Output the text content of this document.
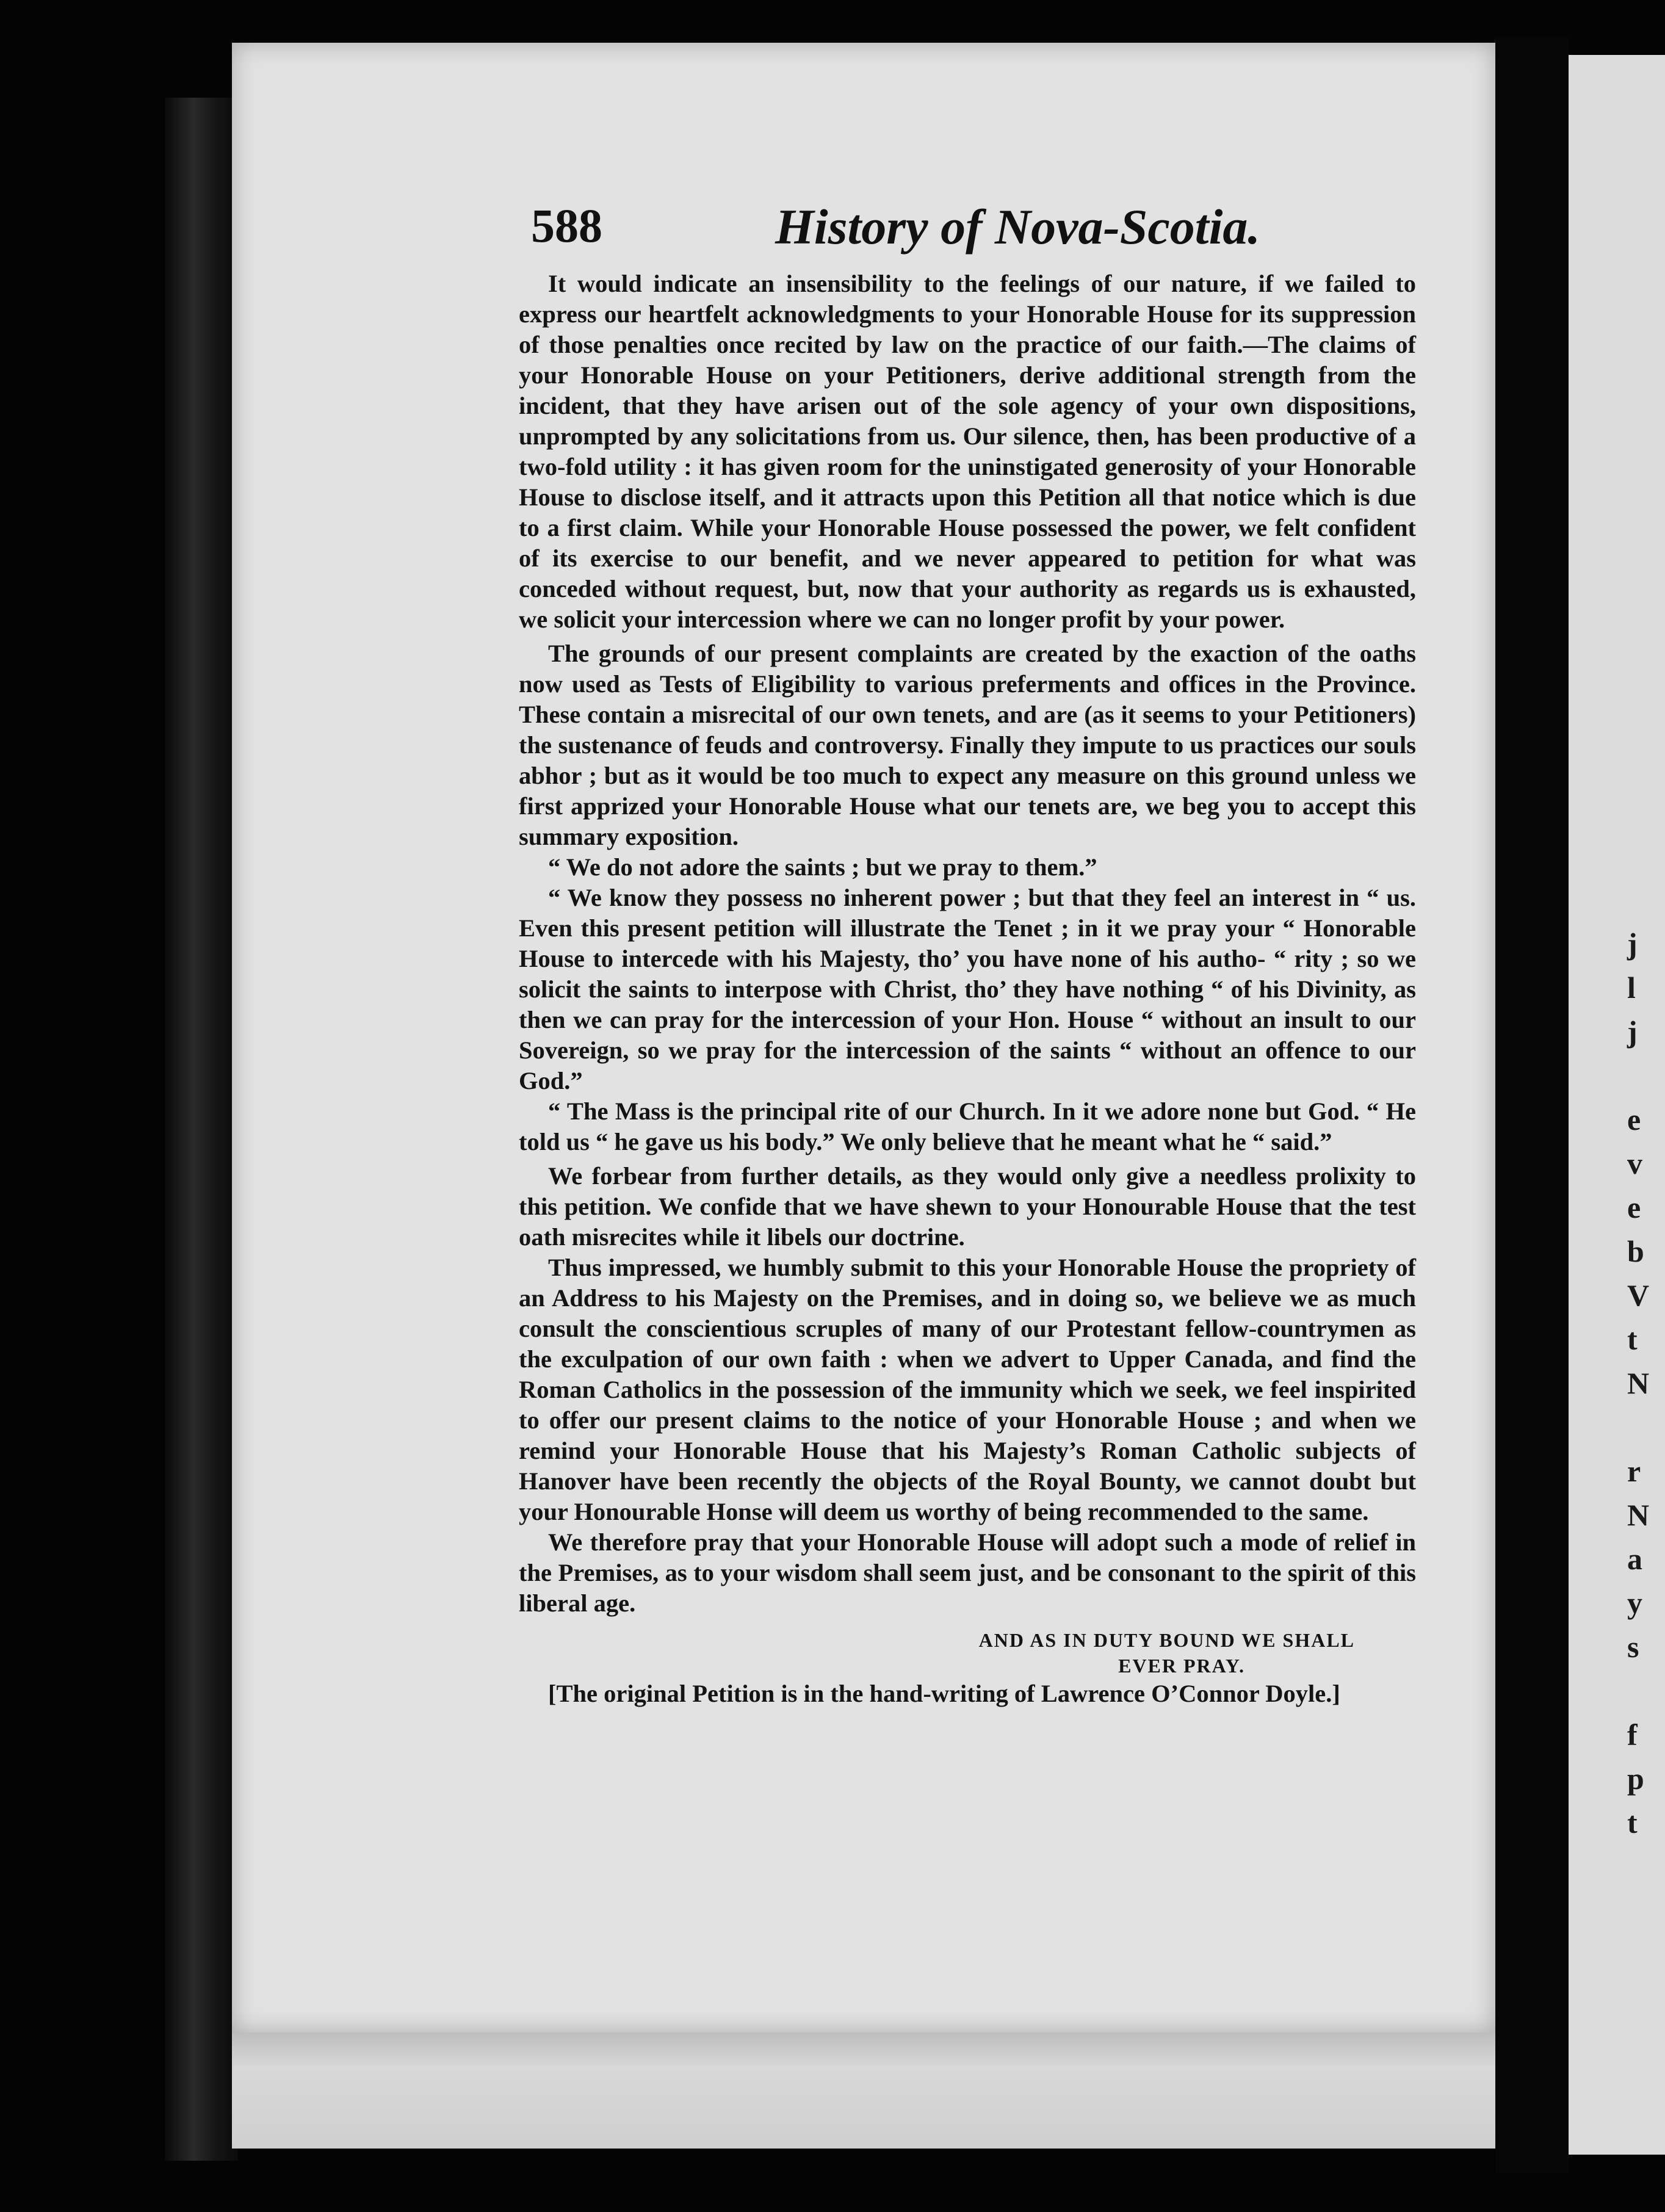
j
l
j

e
v
e
b
V
t
N

r
N
a
y
s

f
p
t
588	History of Nova-Scotia.

It would indicate an insensibility to the feelings of our nature, if we failed to express our heartfelt acknowledgments to your Honorable House for its suppression of those penalties once recited by law on the practice of our faith.—The claims of your Honorable House on your Petitioners, derive additional strength from the incident, that they have arisen out of the sole agency of your own dispositions, unprompted by any solicitations from us. Our silence, then, has been productive of a two-fold utility : it has given room for the uninstigated generosity of your Honorable House to disclose itself, and it attracts upon this Petition all that notice which is due to a first claim. While your Honorable House possessed the power, we felt confident of its exercise to our benefit, and we never appeared to petition for what was conceded without request, but, now that your authority as regards us is exhausted, we solicit your intercession where we can no longer profit by your power.

The grounds of our present complaints are created by the exaction of the oaths now used as Tests of Eligibility to various preferments and offices in the Province. These contain a misrecital of our own tenets, and are (as it seems to your Petitioners) the sustenance of feuds and controversy. Finally they impute to us practices our souls abhor ; but as it would be too much to expect any measure on this ground unless we first apprized your Honorable House what our tenets are, we beg you to accept this summary exposition.

“ We do not adore the saints ; but we pray to them.”

“ We know they possess no inherent power ; but that they feel an interest in “ us. Even this present petition will illustrate the Tenet ; in it we pray your “ Honorable House to intercede with his Majesty, tho’ you have none of his autho- “ rity ; so we solicit the saints to interpose with Christ, tho’ they have nothing “ of his Divinity, as then we can pray for the intercession of your Hon. House “ without an insult to our Sovereign, so we pray for the intercession of the saints “ without an offence to our God.”

“ The Mass is the principal rite of our Church. In it we adore none but God. “ He told us “ he gave us his body.” We only believe that he meant what he “ said.”

We forbear from further details, as they would only give a needless prolixity to this petition. We confide that we have shewn to your Honourable House that the test oath misrecites while it libels our doctrine.

Thus impressed, we humbly submit to this your Honorable House the propriety of an Address to his Majesty on the Premises, and in doing so, we believe we as much consult the conscientious scruples of many of our Protestant fellow-countrymen as the exculpation of our own faith : when we advert to Upper Canada, and find the Roman Catholics in the possession of the immunity which we seek, we feel inspirited to offer our present claims to the notice of your Honorable House ; and when we remind your Honorable House that his Majesty’s Roman Catholic subjects of Hanover have been recently the objects of the Royal Bounty, we cannot doubt but your Honourable Honse will deem us worthy of being recommended to the same.

We therefore pray that your Honorable House will adopt such a mode of relief in the Premises, as to your wisdom shall seem just, and be consonant to the spirit of this liberal age.

AND AS IN DUTY BOUND WE SHALL
EVER PRAY.

[The original Petition is in the hand-writing of Lawrence O’Connor Doyle.]
